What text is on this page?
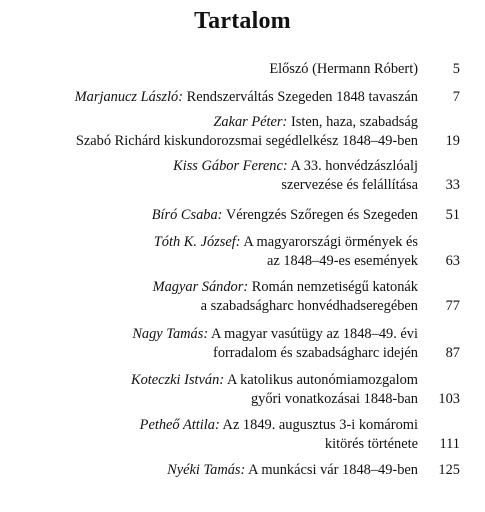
Tartalom
Előszó (Hermann Róbert)	5
Marjanucz László: Rendszerváltás Szegeden 1848 tavaszán	7
Zakar Péter: Isten, haza, szabadság
Szabó Richárd kiskundorozsmai segédlelkész 1848–49-ben	19
Kiss Gábor Ferenc: A 33. honvédzászlóalj
szervezése és felállítása	33
Bíró Csaba: Vérengzés Szőregen és Szegeden	51
Tóth K. József: A magyarországi örmények és
az 1848–49-es események	63
Magyar Sándor: Román nemzetiségű katonák
a szabadságharc honvédhadseregében	77
Nagy Tamás: A magyar vasútügy az 1848–49. évi
forradalom és szabadságharc idején	87
Koteczki István: A katolikus autonómiamozgalom
győri vonatkozásai 1848-ban	103
Petheő Attila: Az 1849. augusztus 3-i komáromi
kitörés története	111
Nyéki Tamás: A munkácsi vár 1848–49-ben	125
